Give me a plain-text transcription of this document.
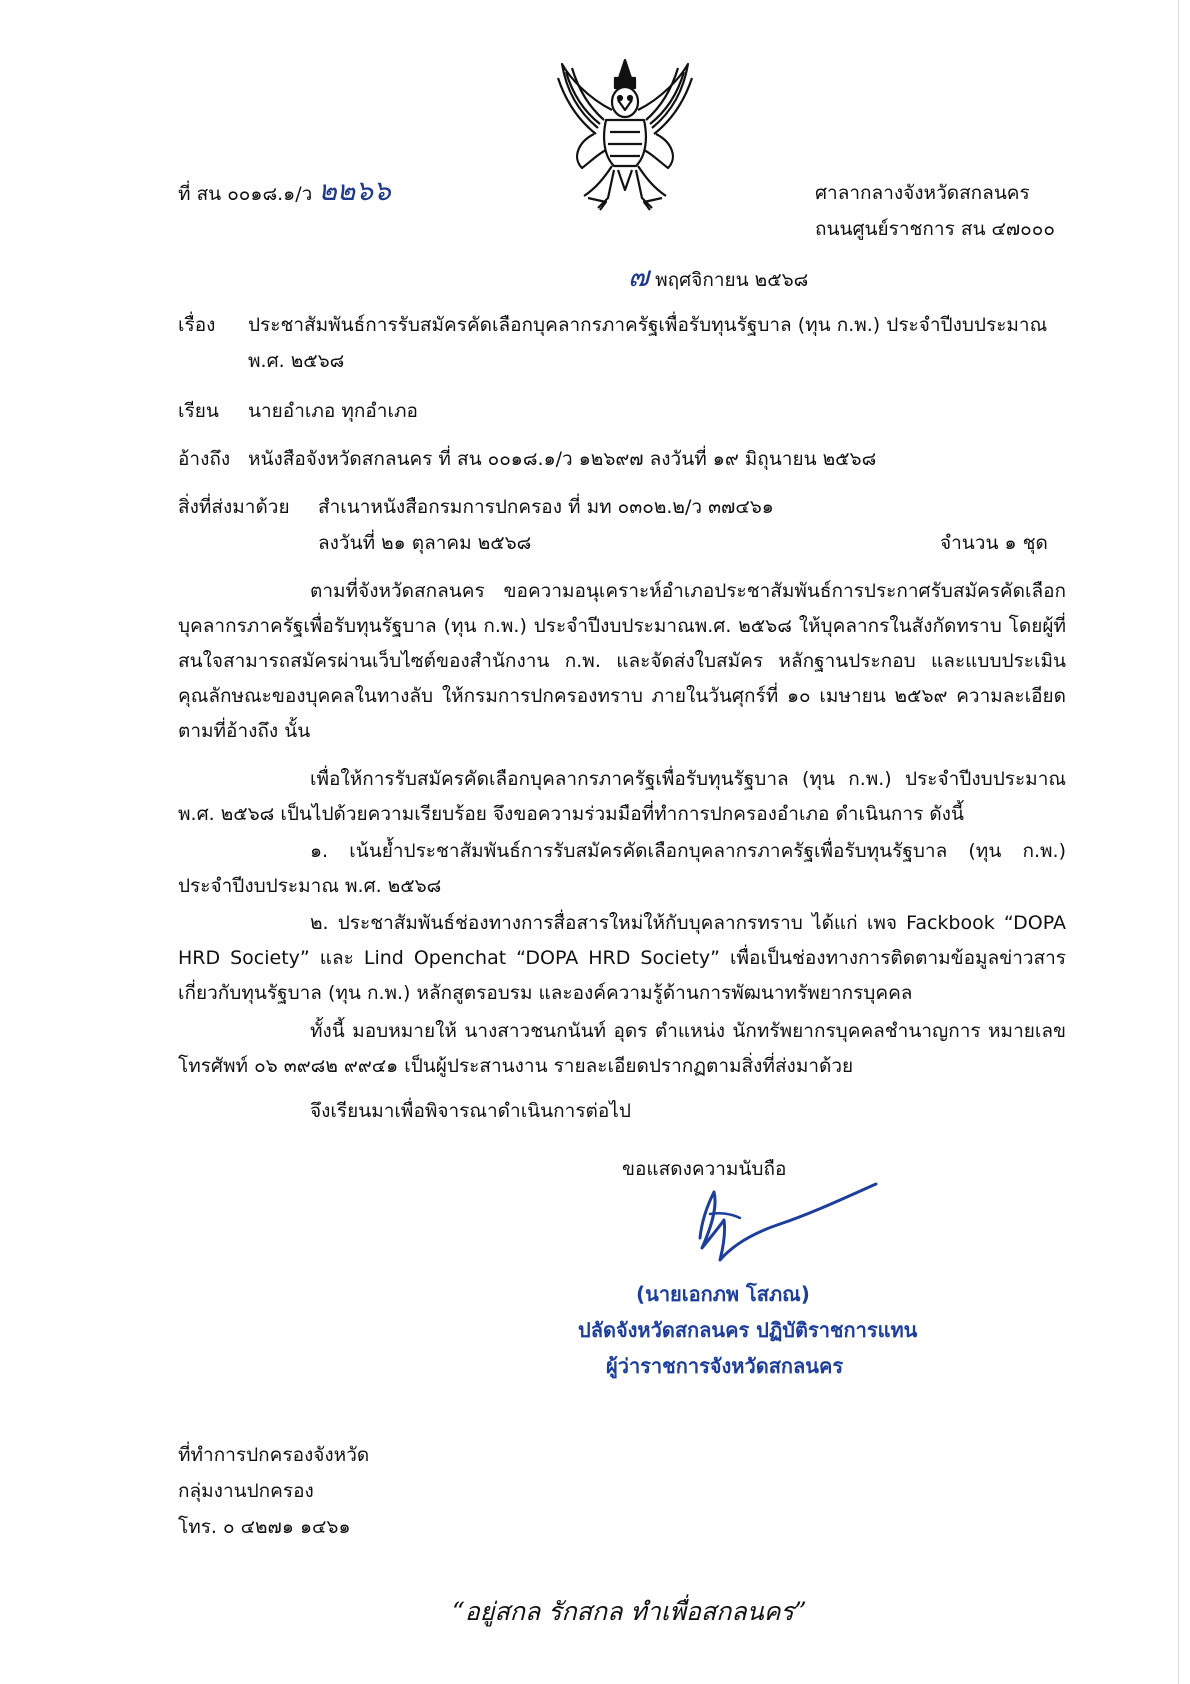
ที่ สน ๐๐๑๘.๑/ว ๒๒๖๖	ศาลากลางจังหวัดสกลนคร
ถนนศูนย์ราชการ สน ๔๗๐๐๐
๗ พฤศจิกายน ๒๕๖๘
เรื่อง ประชาสัมพันธ์การรับสมัครคัดเลือกบุคลากรภาครัฐเพื่อรับทุนรัฐบาล (ทุน ก.พ.) ประจำปีงบประมาณ
พ.ศ. ๒๕๖๘
เรียน นายอำเภอ ทุกอำเภอ
อ้างถึง หนังสือจังหวัดสกลนคร ที่ สน ๐๐๑๘.๑/ว ๑๒๖๙๗ ลงวันที่ ๑๙ มิถุนายน ๒๕๖๘
สิ่งที่ส่งมาด้วย สำเนาหนังสือกรมการปกครอง ที่ มท ๐๓๐๒.๒/ว ๓๗๔๖๑
ลงวันที่ ๒๑ ตุลาคม ๒๕๖๘	จำนวน ๑ ชุด
ตามที่จังหวัดสกลนคร ขอความอนุเคราะห์อำเภอประชาสัมพันธ์การประกาศรับสมัครคัดเลือกบุคลากรภาครัฐเพื่อรับทุนรัฐบาล (ทุน ก.พ.) ประจำปีงบประมาณพ.ศ. ๒๕๖๘ ให้บุคลากรในสังกัดทราบ โดยผู้ที่สนใจสามารถสมัครผ่านเว็บไซต์ของสำนักงาน ก.พ. และจัดส่งใบสมัคร หลักฐานประกอบ และแบบประเมินคุณลักษณะของบุคคลในทางลับ ให้กรมการปกครองทราบ ภายในวันศุกร์ที่ ๑๐ เมษายน ๒๕๖๙ ความละเอียดตามที่อ้างถึง นั้น
เพื่อให้การรับสมัครคัดเลือกบุคลากรภาครัฐเพื่อรับทุนรัฐบาล (ทุน ก.พ.) ประจำปีงบประมาณ พ.ศ. ๒๕๖๘ เป็นไปด้วยความเรียบร้อย จึงขอความร่วมมือที่ทำการปกครองอำเภอ ดำเนินการ ดังนี้
๑. เน้นย้ำประชาสัมพันธ์การรับสมัครคัดเลือกบุคลากรภาครัฐเพื่อรับทุนรัฐบาล (ทุน ก.พ.) ประจำปีงบประมาณ พ.ศ. ๒๕๖๘
๒. ประชาสัมพันธ์ช่องทางการสื่อสารใหม่ให้กับบุคลากรทราบ ได้แก่ เพจ Fackbook “DOPA HRD Society” และ Lind Openchat “DOPA HRD Society” เพื่อเป็นช่องทางการติดตามข้อมูลข่าวสารเกี่ยวกับทุนรัฐบาล (ทุน ก.พ.) หลักสูตรอบรม และองค์ความรู้ด้านการพัฒนาทรัพยากรบุคคล
ทั้งนี้ มอบหมายให้ นางสาวชนกนันท์ อุดร ตำแหน่ง นักทรัพยากรบุคคลชำนาญการ หมายเลขโทรศัพท์ ๐๖ ๓๙๘๒ ๙๙๔๑ เป็นผู้ประสานงาน รายละเอียดปรากฏตามสิ่งที่ส่งมาด้วย
จึงเรียนมาเพื่อพิจารณาดำเนินการต่อไป
ขอแสดงความนับถือ
(นายเอกภพ โสภณ)
ปลัดจังหวัดสกลนคร ปฏิบัติราชการแทน
ผู้ว่าราชการจังหวัดสกลนคร
ที่ทำการปกครองจังหวัด
กลุ่มงานปกครอง
โทร. ๐ ๔๒๗๑ ๑๔๖๑
“อยู่สกล รักสกล ทำเพื่อสกลนคร”
